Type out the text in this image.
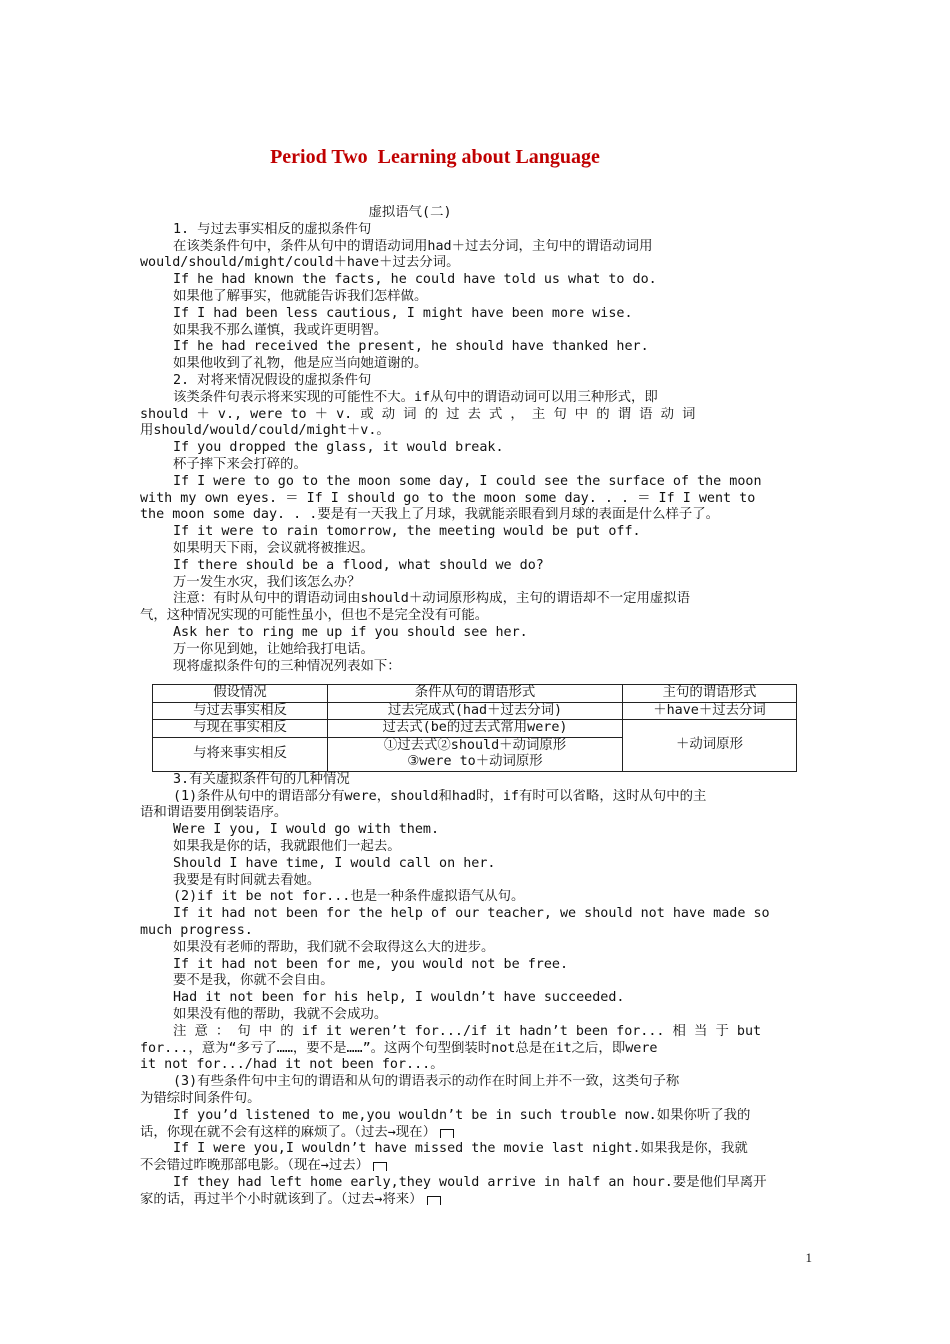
Period Two  Learning about Language
虚拟语气(二)
1. 与过去事实相反的虚拟条件句
在该类条件句中，条件从句中的谓语动词用had＋过去分词，主句中的谓语动词用
would/should/might/could＋have＋过去分词。
If he had known the facts, he could have told us what to do.
如果他了解事实，他就能告诉我们怎样做。
If I had been less cautious, I might have been more wise.
如果我不那么谨慎，我或许更明智。
If he had received the present, he should have thanked her.
如果他收到了礼物，他是应当向她道谢的。
2. 对将来情况假设的虚拟条件句
该类条件句表示将来实现的可能性不大。if从句中的谓语动词可以用三种形式，即
should ＋ v., were to ＋ v. 或 动 词 的 过 去 式 ， 主 句 中 的 谓 语 动 词
用should/would/could/might＋v.。
If you dropped the glass, it would break.
杯子摔下来会打碎的。
If I were to go to the moon some day, I could see the surface of the moon
with my own eyes. ＝ If I should go to the moon some day. . . ＝ If I went to
the moon some day. . .要是有一天我上了月球，我就能亲眼看到月球的表面是什么样子了。
If it were to rain tomorrow, the meeting would be put off.
如果明天下雨，会议就将被推迟。
If there should be a flood, what should we do?
万一发生水灾，我们该怎么办？
注意：有时从句中的谓语动词由should＋动词原形构成，主句的谓语却不一定用虚拟语
气，这种情况实现的可能性虽小，但也不是完全没有可能。
Ask her to ring me up if you should see her.
万一你见到她，让她给我打电话。
现将虚拟条件句的三种情况列表如下：
假设情况	条件从句的谓语形式	主句的谓语形式
与过去事实相反	过去完成式(had＋过去分词)	＋have＋过去分词
与现在事实相反	过去式(be的过去式常用were)	＋动词原形
与将来事实相反	①过去式②should＋动词原形
③were to＋动词原形	
3.有关虚拟条件句的几种情况
(1)条件从句中的谓语部分有were，should和had时，if有时可以省略，这时从句中的主
语和谓语要用倒装语序。
Were I you, I would go with them.
如果我是你的话，我就跟他们一起去。
Should I have time, I would call on her.
我要是有时间就去看她。
(2)if it be not for...也是一种条件虚拟语气从句。
If it had not been for the help of our teacher, we should not have made so
much progress.
如果没有老师的帮助，我们就不会取得这么大的进步。
If it had not been for me, you would not be free.
要不是我，你就不会自由。
Had it not been for his help, I wouldn’t have succeeded.
如果没有他的帮助，我就不会成功。
注 意 ： 句 中 的 if it weren’t for.../if it hadn’t been for... 相 当 于 but
for...，意为“多亏了……，要不是……”。这两个句型倒装时not总是在it之后，即were
it not for.../had it not been for...。
(3)有些条件句中主句的谓语和从句的谓语表示的动作在时间上并不一致，这类句子称
为错综时间条件句。
If you’d listened to me,you wouldn’t be in such trouble now.如果你听了我的
话，你现在就不会有这样的麻烦了。（过去→现在）
If I were you,I wouldn’t have missed the movie last night.如果我是你，我就
不会错过昨晚那部电影。（现在→过去）
If they had left home early,they would arrive in half an hour.要是他们早离开
家的话，再过半个小时就该到了。（过去→将来）
1
